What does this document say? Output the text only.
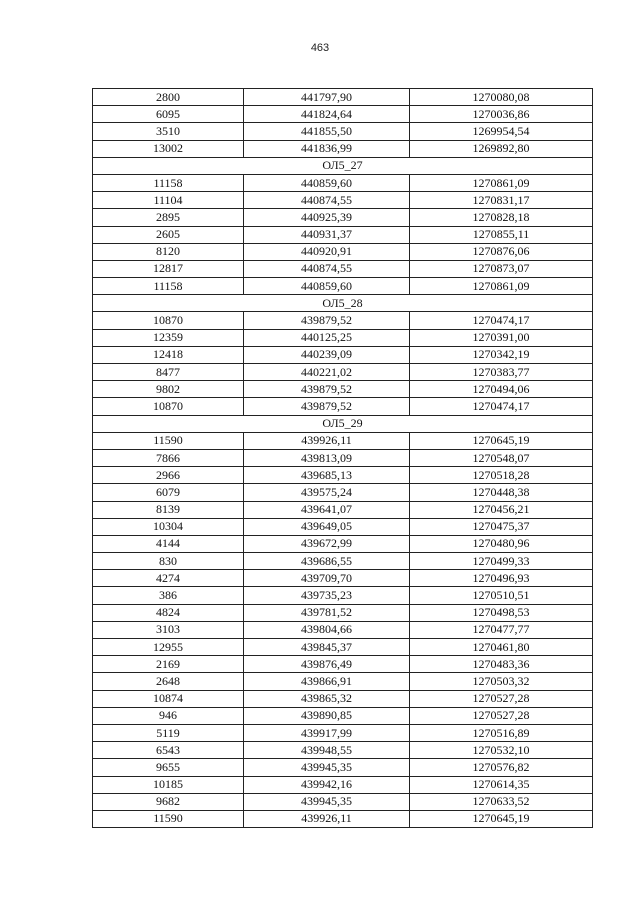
463
2800	441797,90	1270080,08
6095	441824,64	1270036,86
3510	441855,50	1269954,54
13002	441836,99	1269892,80
ОЛ5_27		
11158	440859,60	1270861,09
11104	440874,55	1270831,17
2895	440925,39	1270828,18
2605	440931,37	1270855,11
8120	440920,91	1270876,06
12817	440874,55	1270873,07
11158	440859,60	1270861,09
ОЛ5_28		
10870	439879,52	1270474,17
12359	440125,25	1270391,00
12418	440239,09	1270342,19
8477	440221,02	1270383,77
9802	439879,52	1270494,06
10870	439879,52	1270474,17
ОЛ5_29		
11590	439926,11	1270645,19
7866	439813,09	1270548,07
2966	439685,13	1270518,28
6079	439575,24	1270448,38
8139	439641,07	1270456,21
10304	439649,05	1270475,37
4144	439672,99	1270480,96
830	439686,55	1270499,33
4274	439709,70	1270496,93
386	439735,23	1270510,51
4824	439781,52	1270498,53
3103	439804,66	1270477,77
12955	439845,37	1270461,80
2169	439876,49	1270483,36
2648	439866,91	1270503,32
10874	439865,32	1270527,28
946	439890,85	1270527,28
5119	439917,99	1270516,89
6543	439948,55	1270532,10
9655	439945,35	1270576,82
10185	439942,16	1270614,35
9682	439945,35	1270633,52
11590	439926,11	1270645,19
